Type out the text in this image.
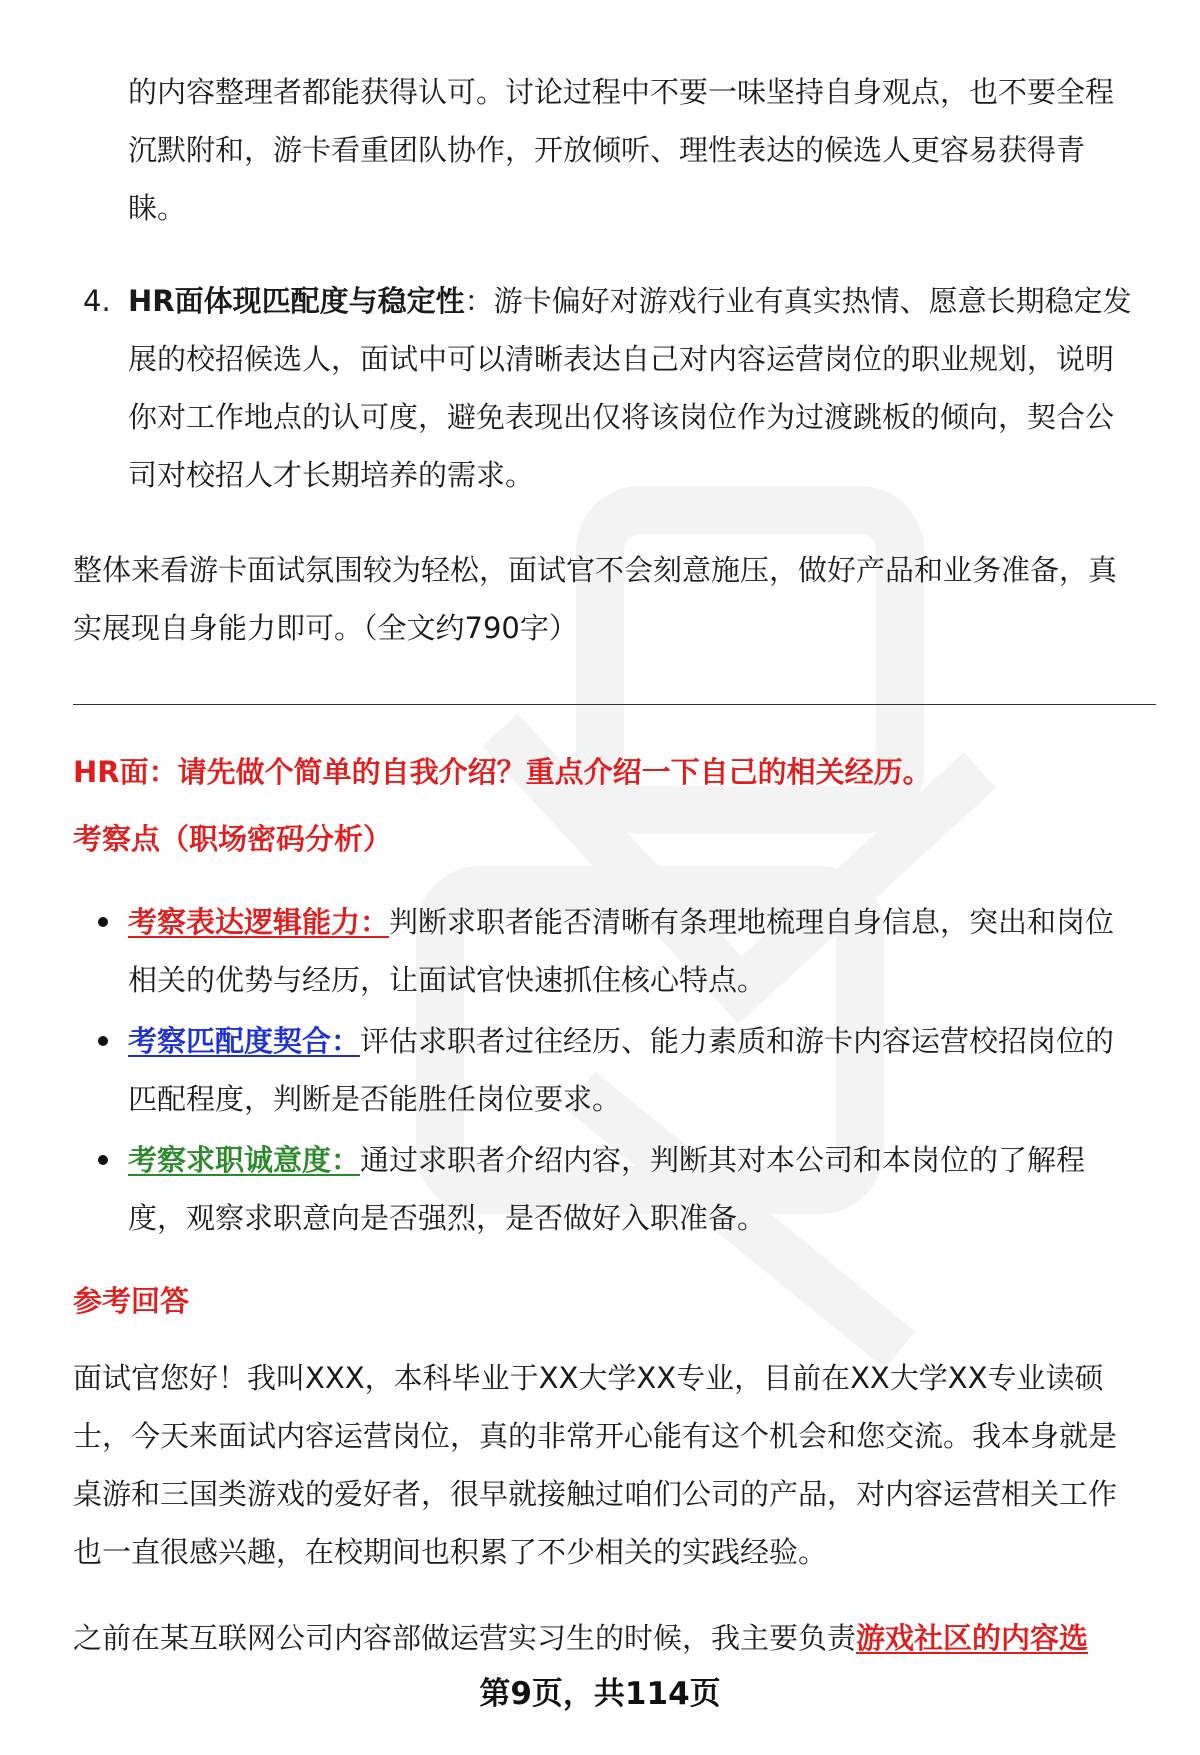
的内容整理者都能获得认可。讨论过程中不要一味坚持自身观点，也不要全程
沉默附和，游卡看重团队协作，开放倾听、理性表达的候选人更容易获得青
睐。

4. HR面体现匹配度与稳定性：游卡偏好对游戏行业有真实热情、愿意长期稳定发
展的校招候选人，面试中可以清晰表达自己对内容运营岗位的职业规划，说明
你对工作地点的认可度，避免表现出仅将该岗位作为过渡跳板的倾向，契合公
司对校招人才长期培养的需求。

整体来看游卡面试氛围较为轻松，面试官不会刻意施压，做好产品和业务准备，真
实展现自身能力即可。（全文约790字）

HR面：请先做个简单的自我介绍？重点介绍一下自己的相关经历。

考察点（职场密码分析）

考察表达逻辑能力：判断求职者能否清晰有条理地梳理自身信息，突出和岗位
相关的优势与经历，让面试官快速抓住核心特点。

考察匹配度契合：评估求职者过往经历、能力素质和游卡内容运营校招岗位的
匹配程度，判断是否能胜任岗位要求。

考察求职诚意度：通过求职者介绍内容，判断其对本公司和本岗位的了解程
度，观察求职意向是否强烈，是否做好入职准备。

参考回答

面试官您好！我叫XXX，本科毕业于XX大学XX专业，目前在XX大学XX专业读硕
士，今天来面试内容运营岗位，真的非常开心能有这个机会和您交流。我本身就是
桌游和三国类游戏的爱好者，很早就接触过咱们公司的产品，对内容运营相关工作
也一直很感兴趣，在校期间也积累了不少相关的实践经验。

之前在某互联网公司内容部做运营实习生的时候，我主要负责游戏社区的内容选

第9页，共114页
